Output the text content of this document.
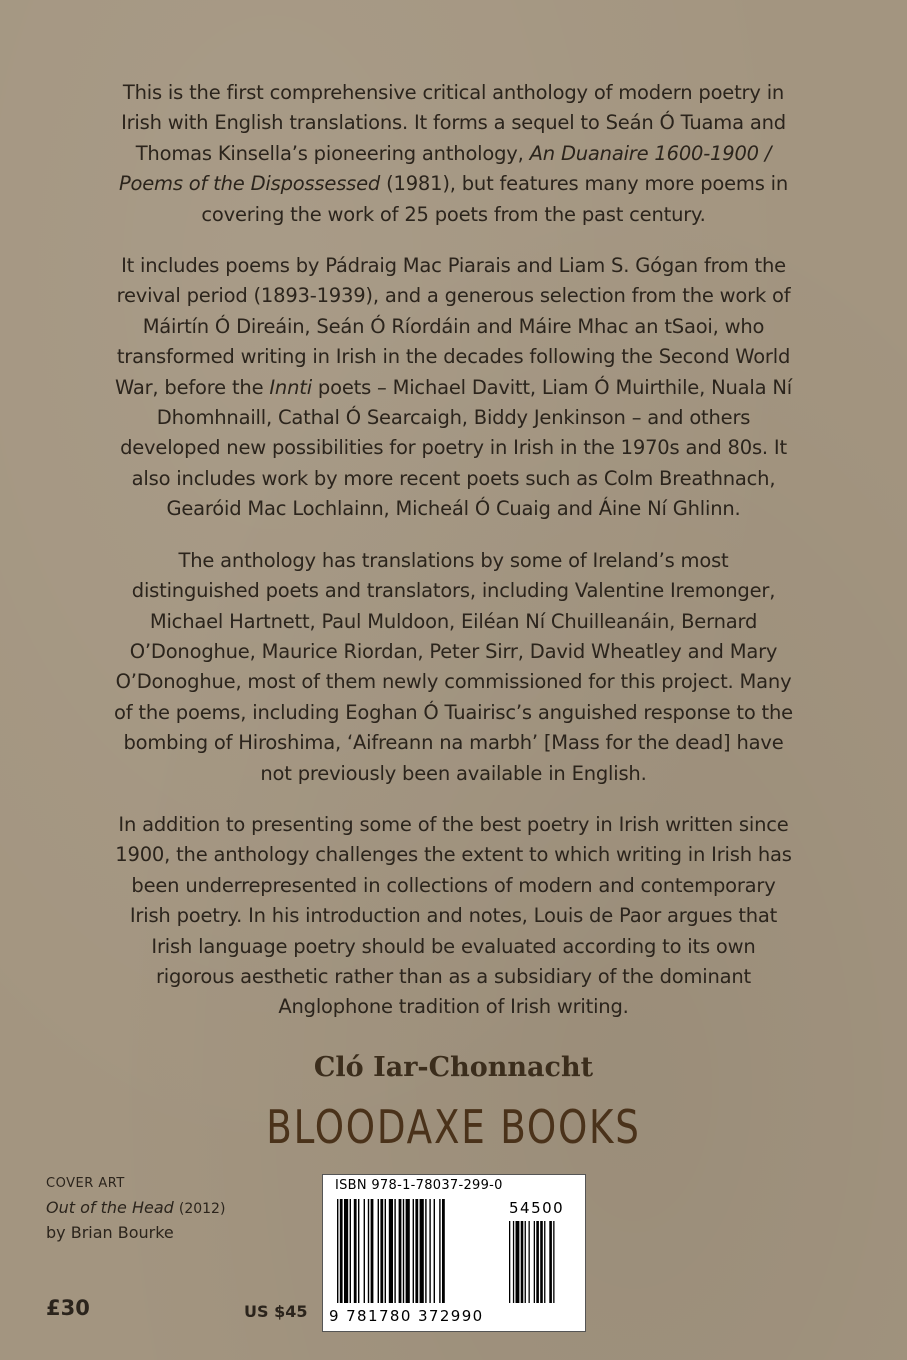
This is the first comprehensive critical anthology of modern poetry in Irish with English translations. It forms a sequel to Seán Ó Tuama and Thomas Kinsella’s pioneering anthology, An Duanaire 1600-1900 / Poems of the Dispossessed (1981), but features many more poems in covering the work of 25 poets from the past century.

It includes poems by Pádraig Mac Piarais and Liam S. Gógan from the revival period (1893-1939), and a generous selection from the work of Máirtín Ó Direáin, Seán Ó Ríordáin and Máire Mhac an tSaoi, who transformed writing in Irish in the decades following the Second World War, before the Innti poets – Michael Davitt, Liam Ó Muirthile, Nuala Ní Dhomhnaill, Cathal Ó Searcaigh, Biddy Jenkinson – and others developed new possibilities for poetry in Irish in the 1970s and 80s. It also includes work by more recent poets such as Colm Breathnach, Gearóid Mac Lochlainn, Micheál Ó Cuaig and Áine Ní Ghlinn.

The anthology has translations by some of Ireland’s most distinguished poets and translators, including Valentine Iremonger, Michael Hartnett, Paul Muldoon, Eiléan Ní Chuilleanáin, Bernard O’Donoghue, Maurice Riordan, Peter Sirr, David Wheatley and Mary O’Donoghue, most of them newly commissioned for this project. Many of the poems, including Eoghan Ó Tuairisc’s anguished response to the bombing of Hiroshima, ‘Aifreann na marbh’ [Mass for the dead] have not previously been available in English.

In addition to presenting some of the best poetry in Irish written since 1900, the anthology challenges the extent to which writing in Irish has been underrepresented in collections of modern and contemporary Irish poetry. In his introduction and notes, Louis de Paor argues that Irish language poetry should be evaluated according to its own rigorous aesthetic rather than as a subsidiary of the dominant Anglophone tradition of Irish writing.

Cló Iar-Chonnacht
BLOODAXE BOOKS
COVER ART
Out of the Head (2012)
by Brian Bourke
£30	US $45
ISBN 978-1-78037-299-0
54500
9 781780 372990
